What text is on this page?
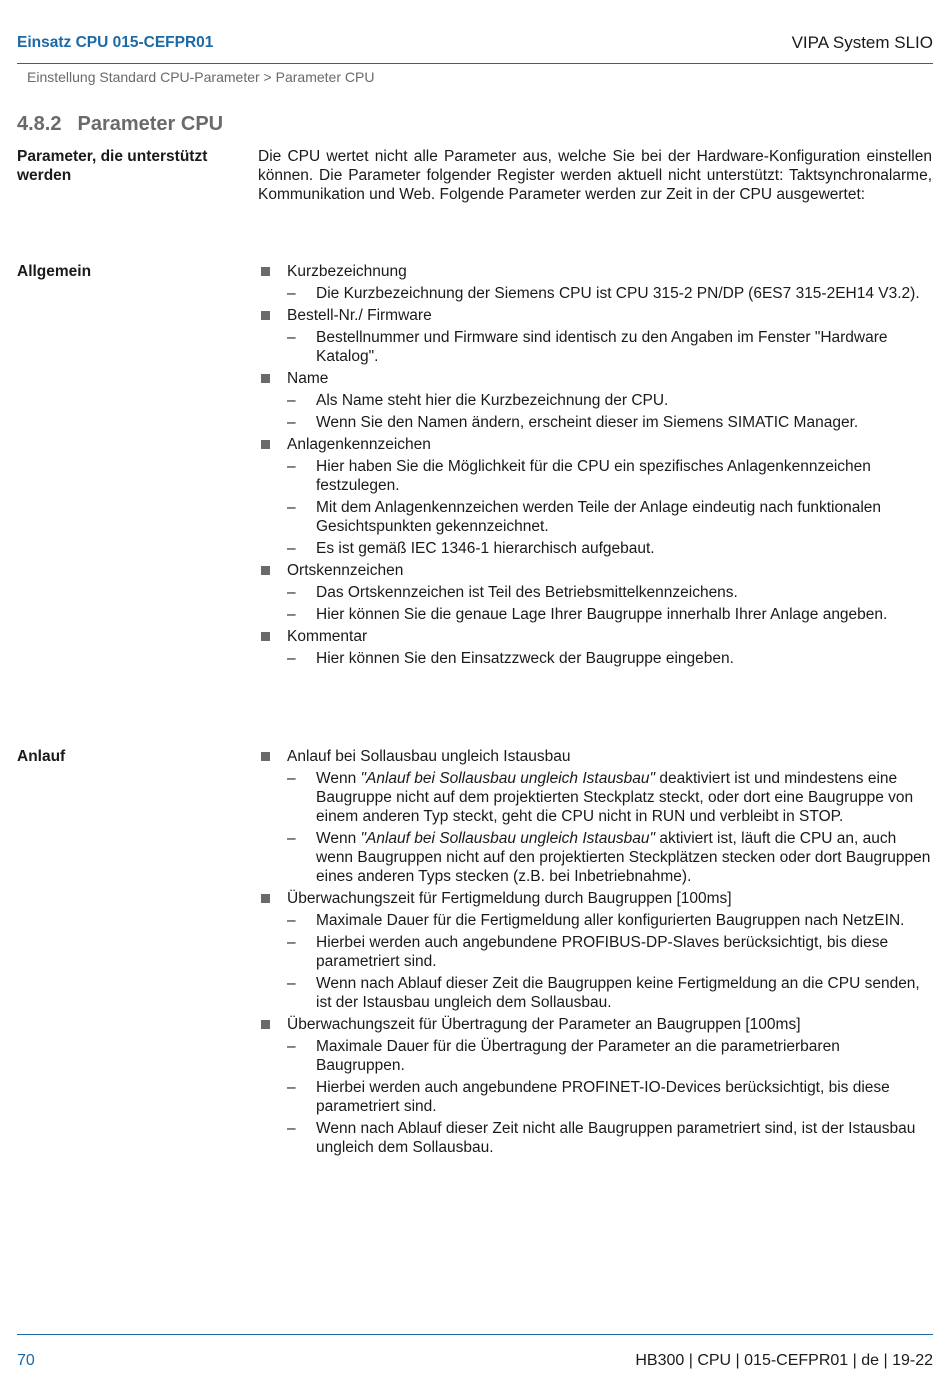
Einsatz CPU 015-CEFPR01	VIPA System SLIO
Einstellung Standard CPU-Parameter > Parameter CPU
4.8.2 Parameter CPU
Parameter, die unterstützt werden
Die CPU wertet nicht alle Parameter aus, welche Sie bei der Hardware-Konfiguration einstellen können. Die Parameter folgender Register werden aktuell nicht unterstützt: Taktsynchronalarme, Kommunikation und Web. Folgende Parameter werden zur Zeit in der CPU ausgewertet:
Allgemein	Kurzbezeichnung
–	Die Kurzbezeichnung der Siemens CPU ist CPU 315-2 PN/DP (6ES7 315-2EH14 V3.2).
Bestell-Nr./ Firmware
–	Bestellnummer und Firmware sind identisch zu den Angaben im Fenster "Hardware Katalog".
Name
–	Als Name steht hier die Kurzbezeichnung der CPU.
–	Wenn Sie den Namen ändern, erscheint dieser im Siemens SIMATIC Manager.
Anlagenkennzeichen
–	Hier haben Sie die Möglichkeit für die CPU ein spezifisches Anlagenkennzeichen festzulegen.
–	Mit dem Anlagenkennzeichen werden Teile der Anlage eindeutig nach funktionalen Gesichtspunkten gekennzeichnet.
–	Es ist gemäß IEC 1346-1 hierarchisch aufgebaut.
Ortskennzeichen
–	Das Ortskennzeichen ist Teil des Betriebsmittelkennzeichens.
–	Hier können Sie die genaue Lage Ihrer Baugruppe innerhalb Ihrer Anlage angeben.
Kommentar
–	Hier können Sie den Einsatzzweck der Baugruppe eingeben.
Anlauf	Anlauf bei Sollausbau ungleich Istausbau
–	Wenn "Anlauf bei Sollausbau ungleich Istausbau" deaktiviert ist und mindestens eine Baugruppe nicht auf dem projektierten Steckplatz steckt, oder dort eine Baugruppe von einem anderen Typ steckt, geht die CPU nicht in RUN und verbleibt in STOP.
–	Wenn "Anlauf bei Sollausbau ungleich Istausbau" aktiviert ist, läuft die CPU an, auch wenn Baugruppen nicht auf den projektierten Steckplätzen stecken oder dort Baugruppen eines anderen Typs stecken (z.B. bei Inbetriebnahme).
Überwachungszeit für Fertigmeldung durch Baugruppen [100ms]
–	Maximale Dauer für die Fertigmeldung aller konfigurierten Baugruppen nach NetzEIN.
–	Hierbei werden auch angebundene PROFIBUS-DP-Slaves berücksichtigt, bis diese parametriert sind.
–	Wenn nach Ablauf dieser Zeit die Baugruppen keine Fertigmeldung an die CPU senden, ist der Istausbau ungleich dem Sollausbau.
Überwachungszeit für Übertragung der Parameter an Baugruppen [100ms]
–	Maximale Dauer für die Übertragung der Parameter an die parametrierbaren Baugruppen.
–	Hierbei werden auch angebundene PROFINET-IO-Devices berücksichtigt, bis diese parametriert sind.
–	Wenn nach Ablauf dieser Zeit nicht alle Baugruppen parametriert sind, ist der Istausbau ungleich dem Sollausbau.
70	HB300 | CPU | 015-CEFPR01 | de | 19-22
